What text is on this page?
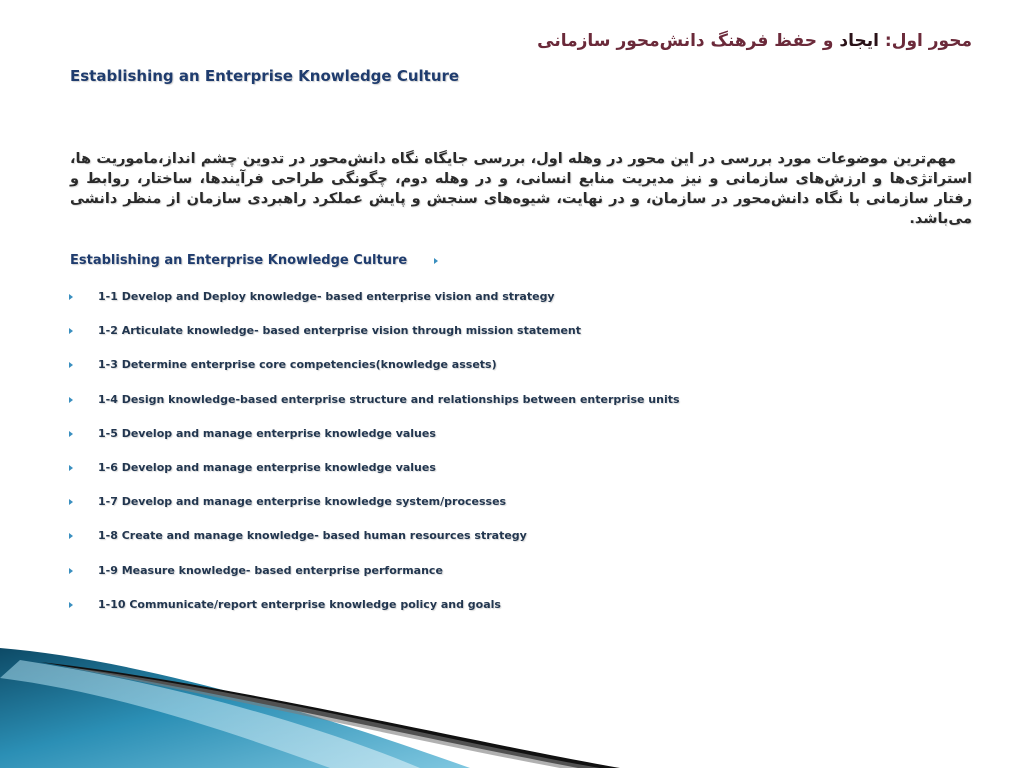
محور اول: ایجاد و حفظ فرهنگ دانش‌محور سازمانی
Establishing an Enterprise Knowledge Culture
مهم‌ترین موضوعات مورد بررسی در این محور در وهله اول، بررسی جایگاه نگاه دانش‌محور در تدوین چشم انداز،ماموریت ها، استراتژی‌ها و ارزش‌های سازمانی و نیز مدیریت منابع انسانی، و در وهله دوم، چگونگی طراحی فرآیندها، ساختار، روابط و رفتار سازمانی با نگاه دانش‌محور در سازمان، و در نهایت، شیوه‌های سنجش و پایش عملکرد راهبردی سازمان از منظر دانشی می‌باشد.
Establishing an Enterprise Knowledge Culture
1-1 Develop and Deploy knowledge- based enterprise vision and strategy
1-2 Articulate knowledge- based enterprise vision through mission statement
1-3 Determine enterprise core competencies(knowledge assets)
1-4 Design knowledge-based enterprise structure and relationships between enterprise units
1-5 Develop and manage enterprise knowledge values
1-6 Develop and manage enterprise knowledge values
1-7 Develop and manage enterprise knowledge system/processes
1-8 Create and manage knowledge- based human resources strategy
1-9 Measure knowledge- based enterprise performance
1-10 Communicate/report enterprise knowledge policy and goals
